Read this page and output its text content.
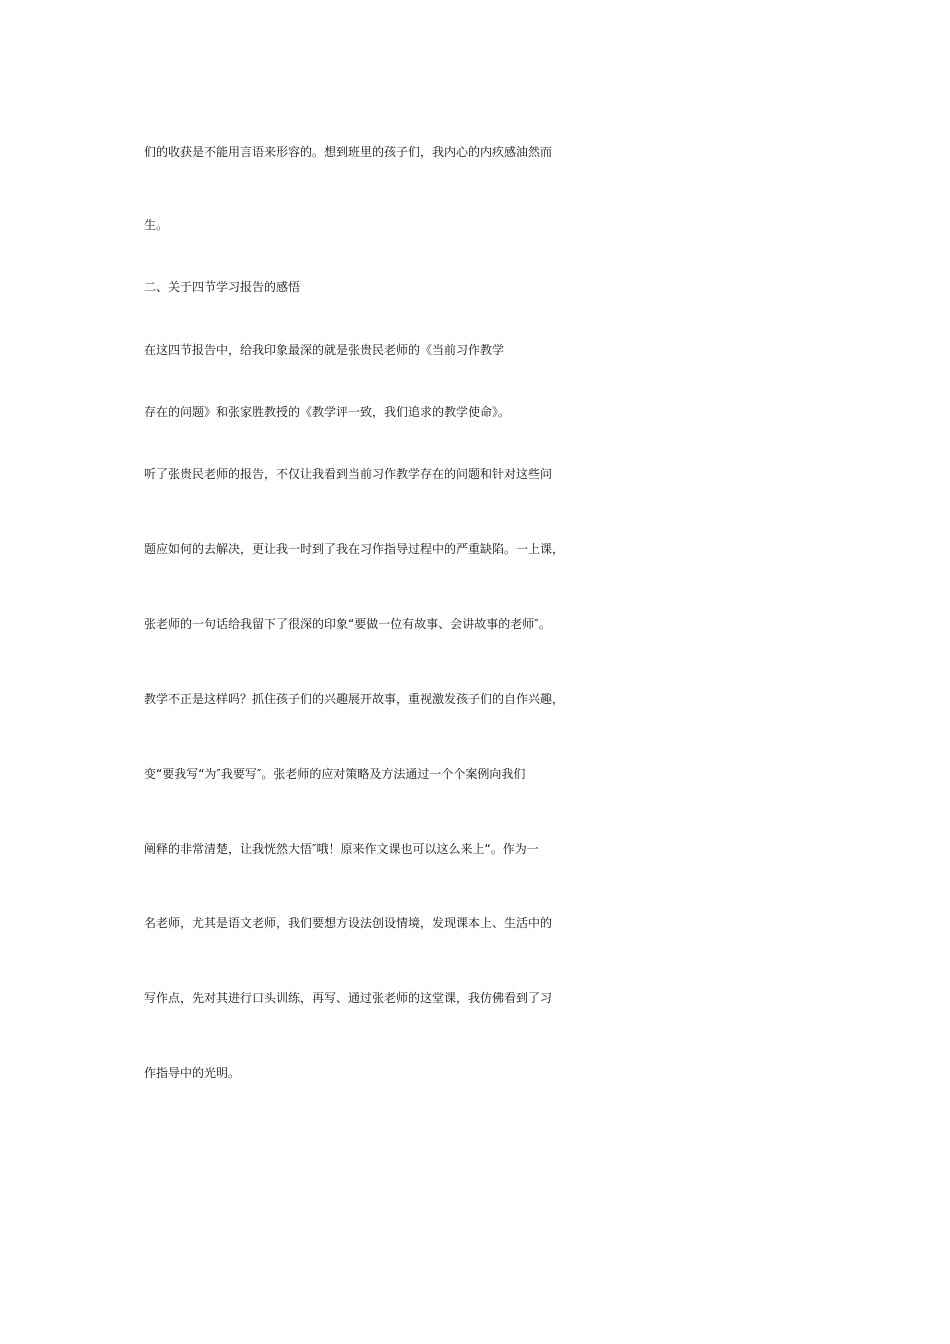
们的收获是不能用言语来形容的。想到班里的孩子们，我内心的内疚感油然而
生。
二、关于四节学习报告的感悟
在这四节报告中，给我印象最深的就是张贵民老师的《当前习作教学
存在的问题》和张家胜教授的《教学评一致，我们追求的教学使命》。
听了张贵民老师的报告，不仅让我看到当前习作教学存在的问题和针对这些问
题应如何的去解决，更让我一时到了我在习作指导过程中的严重缺陷。一上课，
张老师的一句话给我留下了很深的印象“要做一位有故事、会讲故事的老师″。
教学不正是这样吗？抓住孩子们的兴趣展开故事，重视激发孩子们的自作兴趣，
变“要我写“为″我要写″。张老师的应对策略及方法通过一个个案例向我们
阐释的非常清楚，让我恍然大悟″哦！原来作文课也可以这么来上“。作为一
名老师，尤其是语文老师，我们要想方设法创设情境，发现课本上、生活中的
写作点，先对其进行口头训练，再写、通过张老师的这堂课，我仿佛看到了习
作指导中的光明。
